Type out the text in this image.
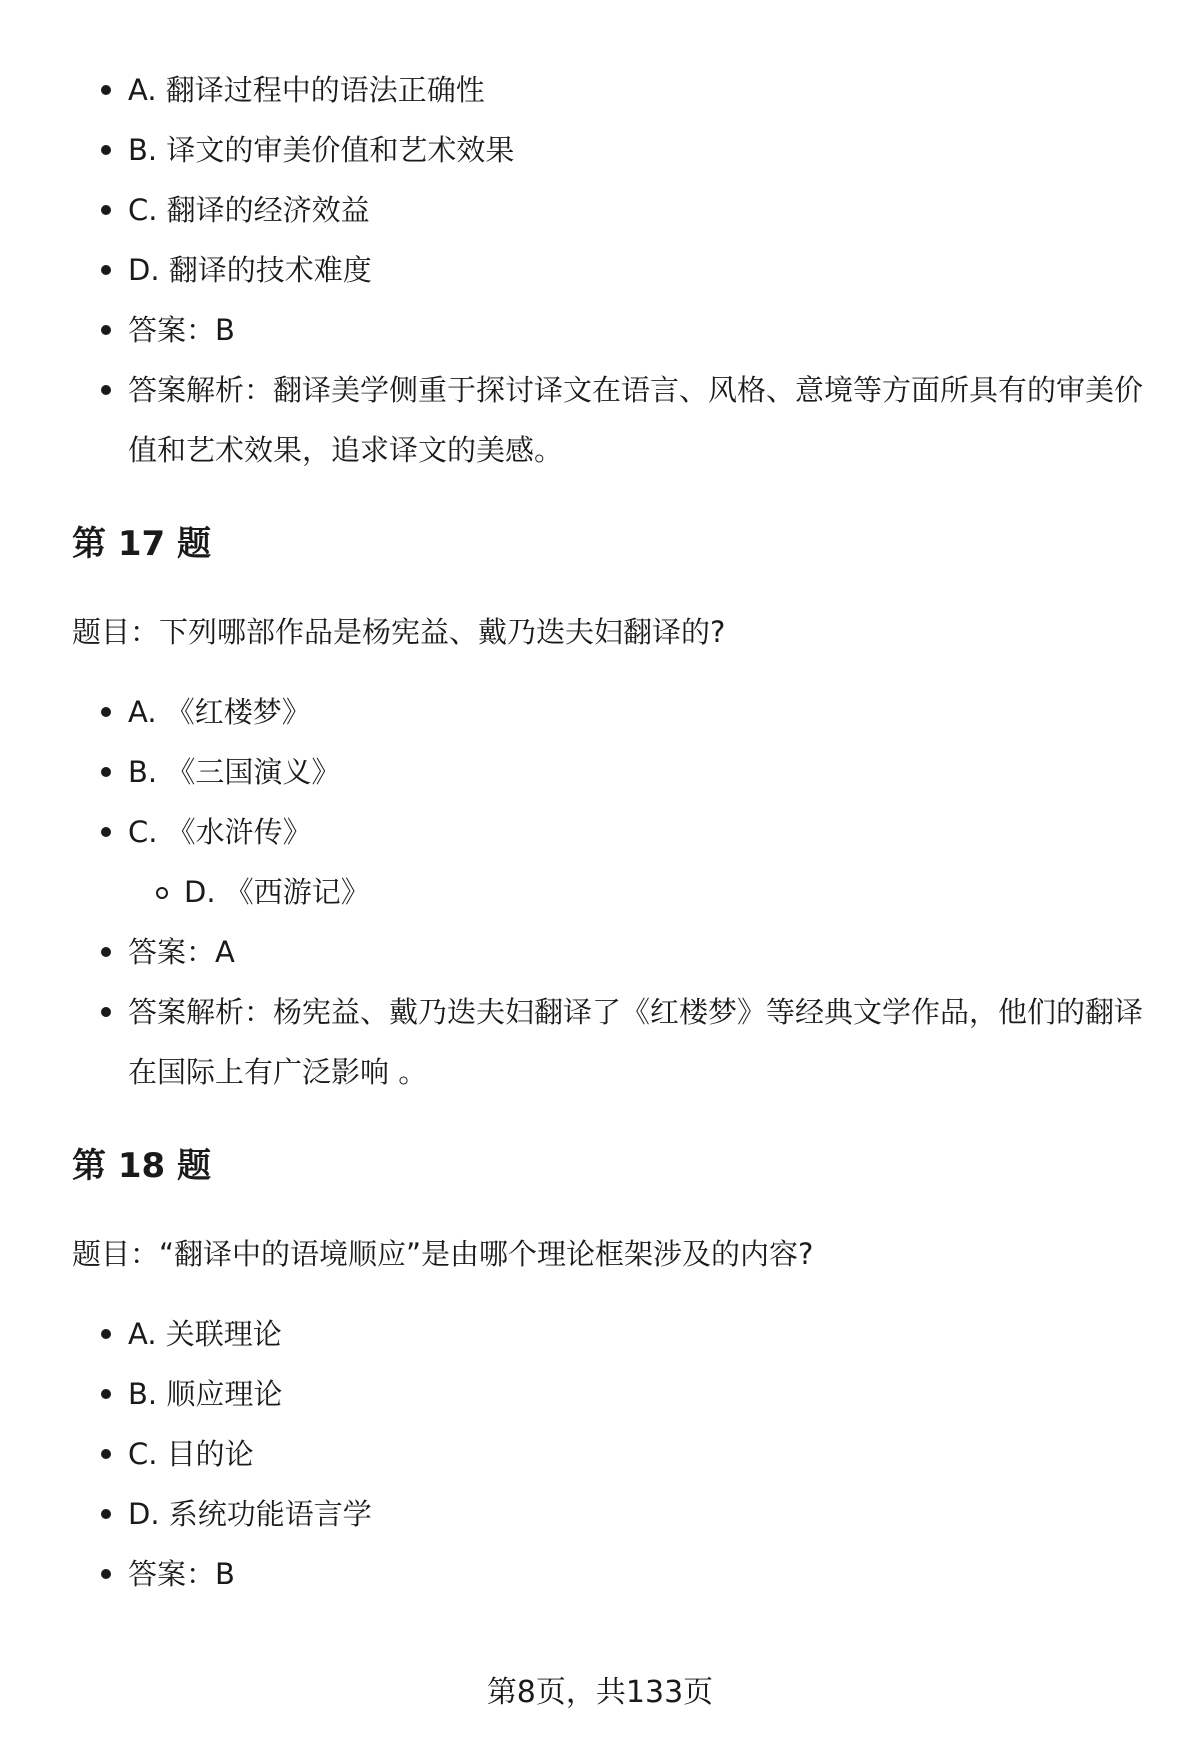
A. 翻译过程中的语法正确性
B. 译文的审美价值和艺术效果
C. 翻译的经济效益
D. 翻译的技术难度
答案：B
答案解析：翻译美学侧重于探讨译文在语言、风格、意境等方面所具有的审美价值和艺术效果，追求译文的美感。
第 17 题

题目：下列哪部作品是杨宪益、戴乃迭夫妇翻译的?

A. 《红楼梦》
B. 《三国演义》
C. 《水浒传》
D. 《西游记》
答案：A
答案解析：杨宪益、戴乃迭夫妇翻译了《红楼梦》等经典文学作品，他们的翻译在国际上有广泛影响 。
第 18 题

题目：“翻译中的语境顺应”是由哪个理论框架涉及的内容?

A. 关联理论
B. 顺应理论
C. 目的论
D. 系统功能语言学
答案：B
第8页，共133页
